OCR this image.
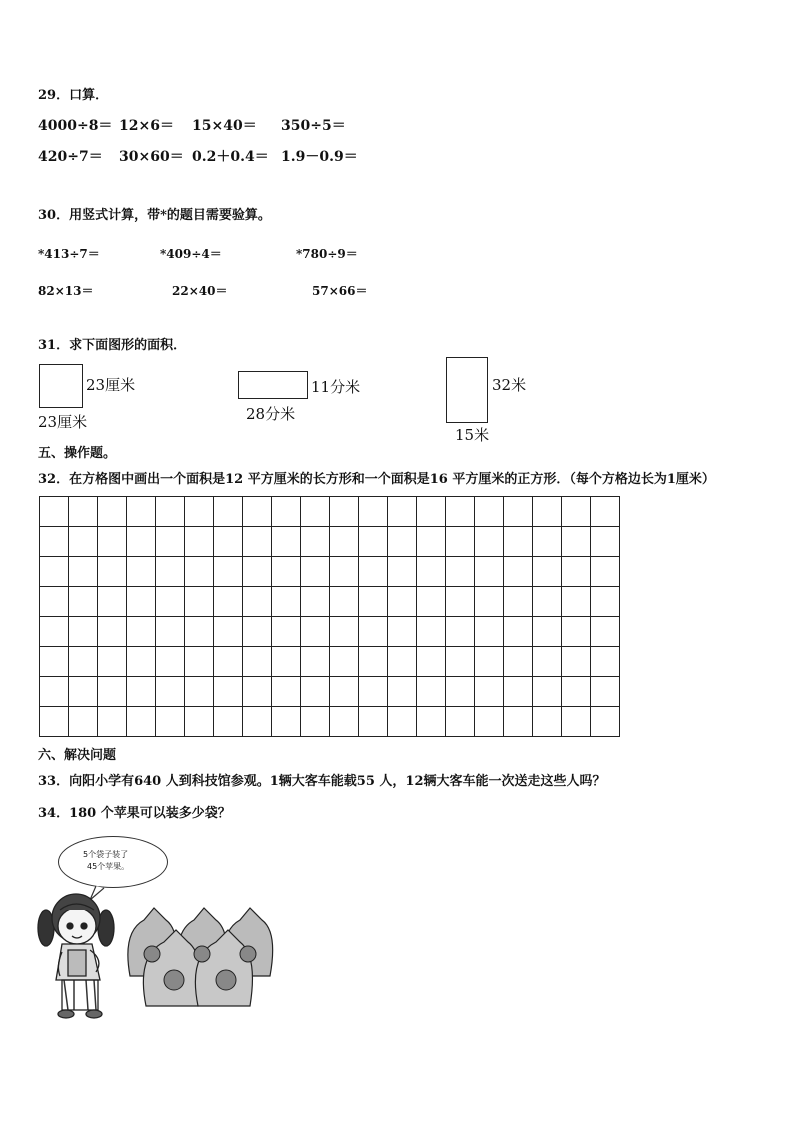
29．口算．
4000÷8＝ 12×6＝ 15×40＝ 350÷5＝
420÷7＝ 30×60＝ 0.2＋0.4＝ 1.9－0.9＝
30．用竖式计算，带*的题目需要验算。
*413÷7＝	*409÷4＝	*780÷9＝
82×13＝	22×40＝	57×66＝
31．求下面图形的面积．
23厘米
23厘米
11分米
28分米
32米
15米
五、操作题。
32．在方格图中画出一个面积是12 平方厘米的长方形和一个面积是16 平方厘米的正方形．（每个方格边长为1厘米）

六、解决问题
33．向阳小学有640 人到科技馆参观。1辆大客车能载55 人，12辆大客车能一次送走这些人吗？
34．180 个苹果可以装多少袋？
5个袋子装了
45个苹果。
